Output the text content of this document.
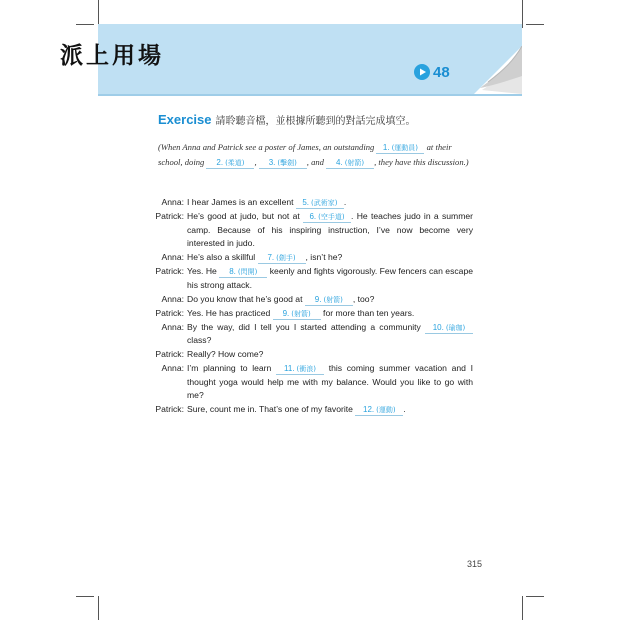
派上用場
48
Exercise 請聆聽音檔，並根據所聽到的對話完成填空。
(When Anna and Patrick see a poster of James, an outstanding 1. (運動員) at their school, doing 2. (柔道) , 3. (擊劍) , and 4. (射箭) , they have this discussion.)
Anna: I hear James is an excellent 5. (武術家) .
Patrick: He’s good at judo, but not at 6. (空手道) . He teaches judo in a summer camp. Because of his inspiring instruction, I’ve now become very interested in judo.
Anna: He’s also a skillful 7. (劍手) , isn’t he?
Patrick: Yes. He 8. (閃開) keenly and fights vigorously. Few fencers can escape his strong attack.
Anna: Do you know that he’s good at 9. (射箭) , too?
Patrick: Yes. He has practiced 9. (射箭) for more than ten years.
Anna: By the way, did I tell you I started attending a community 10. (瑜珈) class?
Patrick: Really? How come?
Anna: I’m planning to learn 11. (衝浪) this coming summer vacation and I thought yoga would help me with my balance. Would you like to go with me?
Patrick: Sure, count me in. That’s one of my favorite 12. (運動) .
315
